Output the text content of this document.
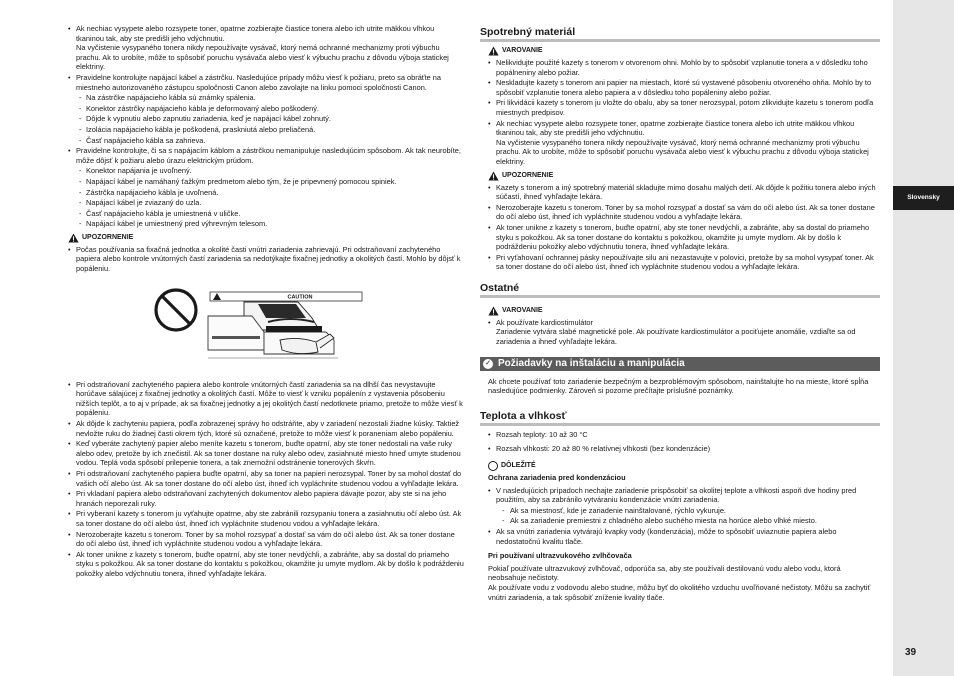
• Ak nechiac vysypete alebo rozsypete toner, opatrne zozbierajte čiastice tonera alebo ich utrite mäkkou vlhkou tkaninou tak, aby ste predišli jeho vdýchnutiu.
Na vyčistenie vysypaného tonera nikdy nepoužívajte vysávač, ktorý nemá ochranné mechanizmy proti výbuchu prachu. Ak to urobíte, môže to spôsobiť poruchu vysávača alebo viesť k výbuchu prachu z dôvodu výboja statickej elektriny.
• Pravidelne kontrolujte napájací kábel a zástrčku. Nasledujúce prípady môžu viesť k požiaru, preto sa obráťte na miestneho autorizovaného zástupcu spoločnosti Canon alebo zavolajte na linku pomoci spoločnosti Canon.
- Na zástrčke napájacieho kábla sú známky spálenia.
- Konektor zástrčky napájacieho kábla je deformovaný alebo poškodený.
- Dôjde k vypnutiu alebo zapnutiu zariadenia, keď je napájací kábel zohnutý.
- Izolácia napájacieho kábla je poškodená, praskniutá alebo preliačená.
- Časť napájacieho kábla sa zahrieva.
• Pravidelne kontrolujte, či sa s napájacím káblom a zástrčkou nemanipuluje nasledujúcim spôsobom. Ak tak neurobíte, môže dôjsť k požiaru alebo úrazu elektrickým prúdom.
- Konektor napájania je uvoľnený.
- Napájací kábel je namáhaný ťažkým predmetom alebo tým, že je pripevnený pomocou spiniek.
- Zástrčka napájacieho kábla je uvoľnená.
- Napájací kábel je zviazaný do uzla.
- Časť napájacieho kábla je umiestnená v uličke.
- Napájací kábel je umiestnený pred výhrevným telesom.
UPOZORNENIE
• Počas používania sa fixačná jednotka a okolité časti vnútri zariadenia zahrievajú. Pri odstraňovaní zachyteného papiera alebo kontrole vnútorných častí zariadenia sa nedotýkajte fixačnej jednotky a okolitých častí. Mohlo by dôjsť k popáleniu.
CAUTION
• Pri odstraňovaní zachyteného papiera alebo kontrole vnútorných častí zariadenia sa na dlhší čas nevystavujte horúčave sálajúcej z fixačnej jednotky a okolitých častí. Môže to viesť k vzniku popálenín z vystavenia pôsobeniu nižších teplôt, a to aj v prípade, ak sa fixačnej jednotky a jej okolitých častí nedotknete priamo, pretože to môže viesť k popáleniu.
• Ak dôjde k zachyteniu papiera, podľa zobrazenej správy ho odstráňte, aby v zariadení nezostali žiadne kúsky. Taktiež nevložte ruku do žiadnej časti okrem tých, ktoré sú označené, pretože to môže viesť k poraneniam alebo popáleniu.
• Keď vyberáte zachytený papier alebo meníte kazetu s tonerom, buďte opatrní, aby ste toner nedostali na vaše ruky alebo odev, pretože by ich znečistil. Ak sa toner dostane na ruky alebo odev, zasiahnuté miesto hneď umyte studenou vodou. Teplá voda spôsobí prilepenie tonera, a tak znemožní odstránenie tonerových škvŕn.
• Pri odstraňovaní zachyteného papiera buďte opatrní, aby sa toner na papieri nerozsypal. Toner by sa mohol dostať do vašich očí alebo úst. Ak sa toner dostane do očí alebo úst, ihneď ich vypláchnite studenou vodou a vyhľadajte lekára.
• Pri vkladaní papiera alebo odstraňovaní zachytených dokumentov alebo papiera dávajte pozor, aby ste si na jeho hranách neporezali ruky.
• Pri vyberaní kazety s tonerom ju vyťahujte opatrne, aby ste zabránili rozsypaniu tonera a zasiahnutiu očí alebo úst. Ak sa toner dostane do očí alebo úst, ihneď ich vypláchnite studenou vodou a vyhľadajte lekára.
• Nerozoberajte kazetu s tonerom. Toner by sa mohol rozsypať a dostať sa vám do očí alebo úst. Ak sa toner dostane do očí alebo úst, ihneď ich vypláchnite studenou vodou a vyhľadajte lekára.
• Ak toner unikne z kazety s tonerom, buďte opatrní, aby ste toner nevdýchli, a zabráňte, aby sa dostal do priameho styku s pokožkou. Ak sa toner dostane do kontaktu s pokožkou, okamžite ju umyte mydlom. Ak by došlo k podráždeniu pokožky alebo vdýchnutiu tonera, ihneď vyhľadajte lekára.
Spotrebný materiál
VAROVANIE
• Nelikvidujte použité kazety s tonerom v otvorenom ohni. Mohlo by to spôsobiť vzplanutie tonera a v dôsledku toho popálneniny alebo požiar.
• Neskladujte kazety s tonerom ani papier na miestach, ktoré sú vystavené pôsobeniu otvoreného ohňa. Mohlo by to spôsobiť vzplanutie tonera alebo papiera a v dôsledku toho popáleniny alebo požiar.
• Pri likvidácii kazety s tonerom ju vložte do obalu, aby sa toner nerozsypal, potom zlikvidujte kazetu s tonerom podľa miestnych predpisov.
• Ak nechiac vysypete alebo rozsypete toner, opatrne zozbierajte čiastice tonera alebo ich utrite mäkkou vlhkou tkaninou tak, aby ste predišli jeho vdýchnutiu.
Na vyčistenie vysypaného tonera nikdy nepoužívajte vysávač, ktorý nemá ochranné mechanizmy proti výbuchu prachu. Ak to urobíte, môže to spôsobiť poruchu vysávača alebo viesť k výbuchu prachu z dôvodu výboja statickej elektriny.
UPOZORNENIE
• Kazety s tonerom a iný spotrebný materiál skladujte mimo dosahu malých detí. Ak dôjde k požitiu tonera alebo iných súčastí, ihneď vyhľadajte lekára.
• Nerozoberajte kazetu s tonerom. Toner by sa mohol rozsypať a dostať sa vám do očí alebo úst. Ak sa toner dostane do očí alebo úst, ihneď ich vypláchnite studenou vodou a vyhľadajte lekára.
• Ak toner unikne z kazety s tonerom, buďte opatrní, aby ste toner nevdýchli, a zabráňte, aby sa dostal do priameho styku s pokožkou. Ak sa toner dostane do kontaktu s pokožkou, okamžite ju umyte mydlom. Ak by došlo k podráždeniu pokožky alebo vdýchnutiu tonera, ihneď vyhľadajte lekára.
• Pri vyťahovaní ochrannej pásky nepoužívajte silu ani nezastavujte v polovici, pretože by sa mohol vysypať toner. Ak sa toner dostane do očí alebo úst, ihneď ich vypláchnite studenou vodou a vyhľadajte lekára.
Ostatné
VAROVANIE
• Ak používate kardiostimulátor
Zariadenie vytvára slabé magnetické pole. Ak používate kardiostimulátor a pociťujete anomálie, vzdiaľte sa od zariadenia a ihneď vyhľadajte lekára.
✓ Požiadavky na inštaláciu a manipulácia
Ak chcete používať toto zariadenie bezpečným a bezproblémovým spôsobom, nainštalujte ho na mieste, ktoré spĺňa nasledujúce podmienky. Zároveň si pozorne prečítajte príslušné poznámky.
Teplota a vlhkosť
• Rozsah teploty: 10 až 30 °C
• Rozsah vlhkosti: 20 až 80 % relatívnej vlhkosti (bez kondenzácie)
DÔLEŽITÉ
Ochrana zariadenia pred kondenzáciou
• V nasledujúcich prípadoch nechajte zariadenie prispôsobiť sa okolitej teplote a vlhkosti aspoň dve hodiny pred použitím, aby sa zabránilo vytváraniu kondenzácie vnútri zariadenia.
- Ak sa miestnosť, kde je zariadenie nainštalované, rýchlo vykuruje.
- Ak sa zariadenie premiestni z chladného alebo suchého miesta na horúce alebo vlhké miesto.
• Ak sa vnútri zariadenia vytvárajú kvapky vody (kondenzácia), môže to spôsobiť uviaznutie papiera alebo nedostatočnú kvalitu tlače.
Pri používaní ultrazvukového zvlhčovača
Pokiaľ používate ultrazvukový zvlhčovač, odporúča sa, aby ste používali destilovanú vodu alebo vodu, ktorá neobsahuje nečistoty.
Ak používate vodu z vodovodu alebo studne, môžu byť do okolitého vzduchu uvoľňované nečistoty. Môžu sa zachytiť vnútri zariadenia, a tak spôsobiť zníženie kvality tlače.
Slovensky
39
